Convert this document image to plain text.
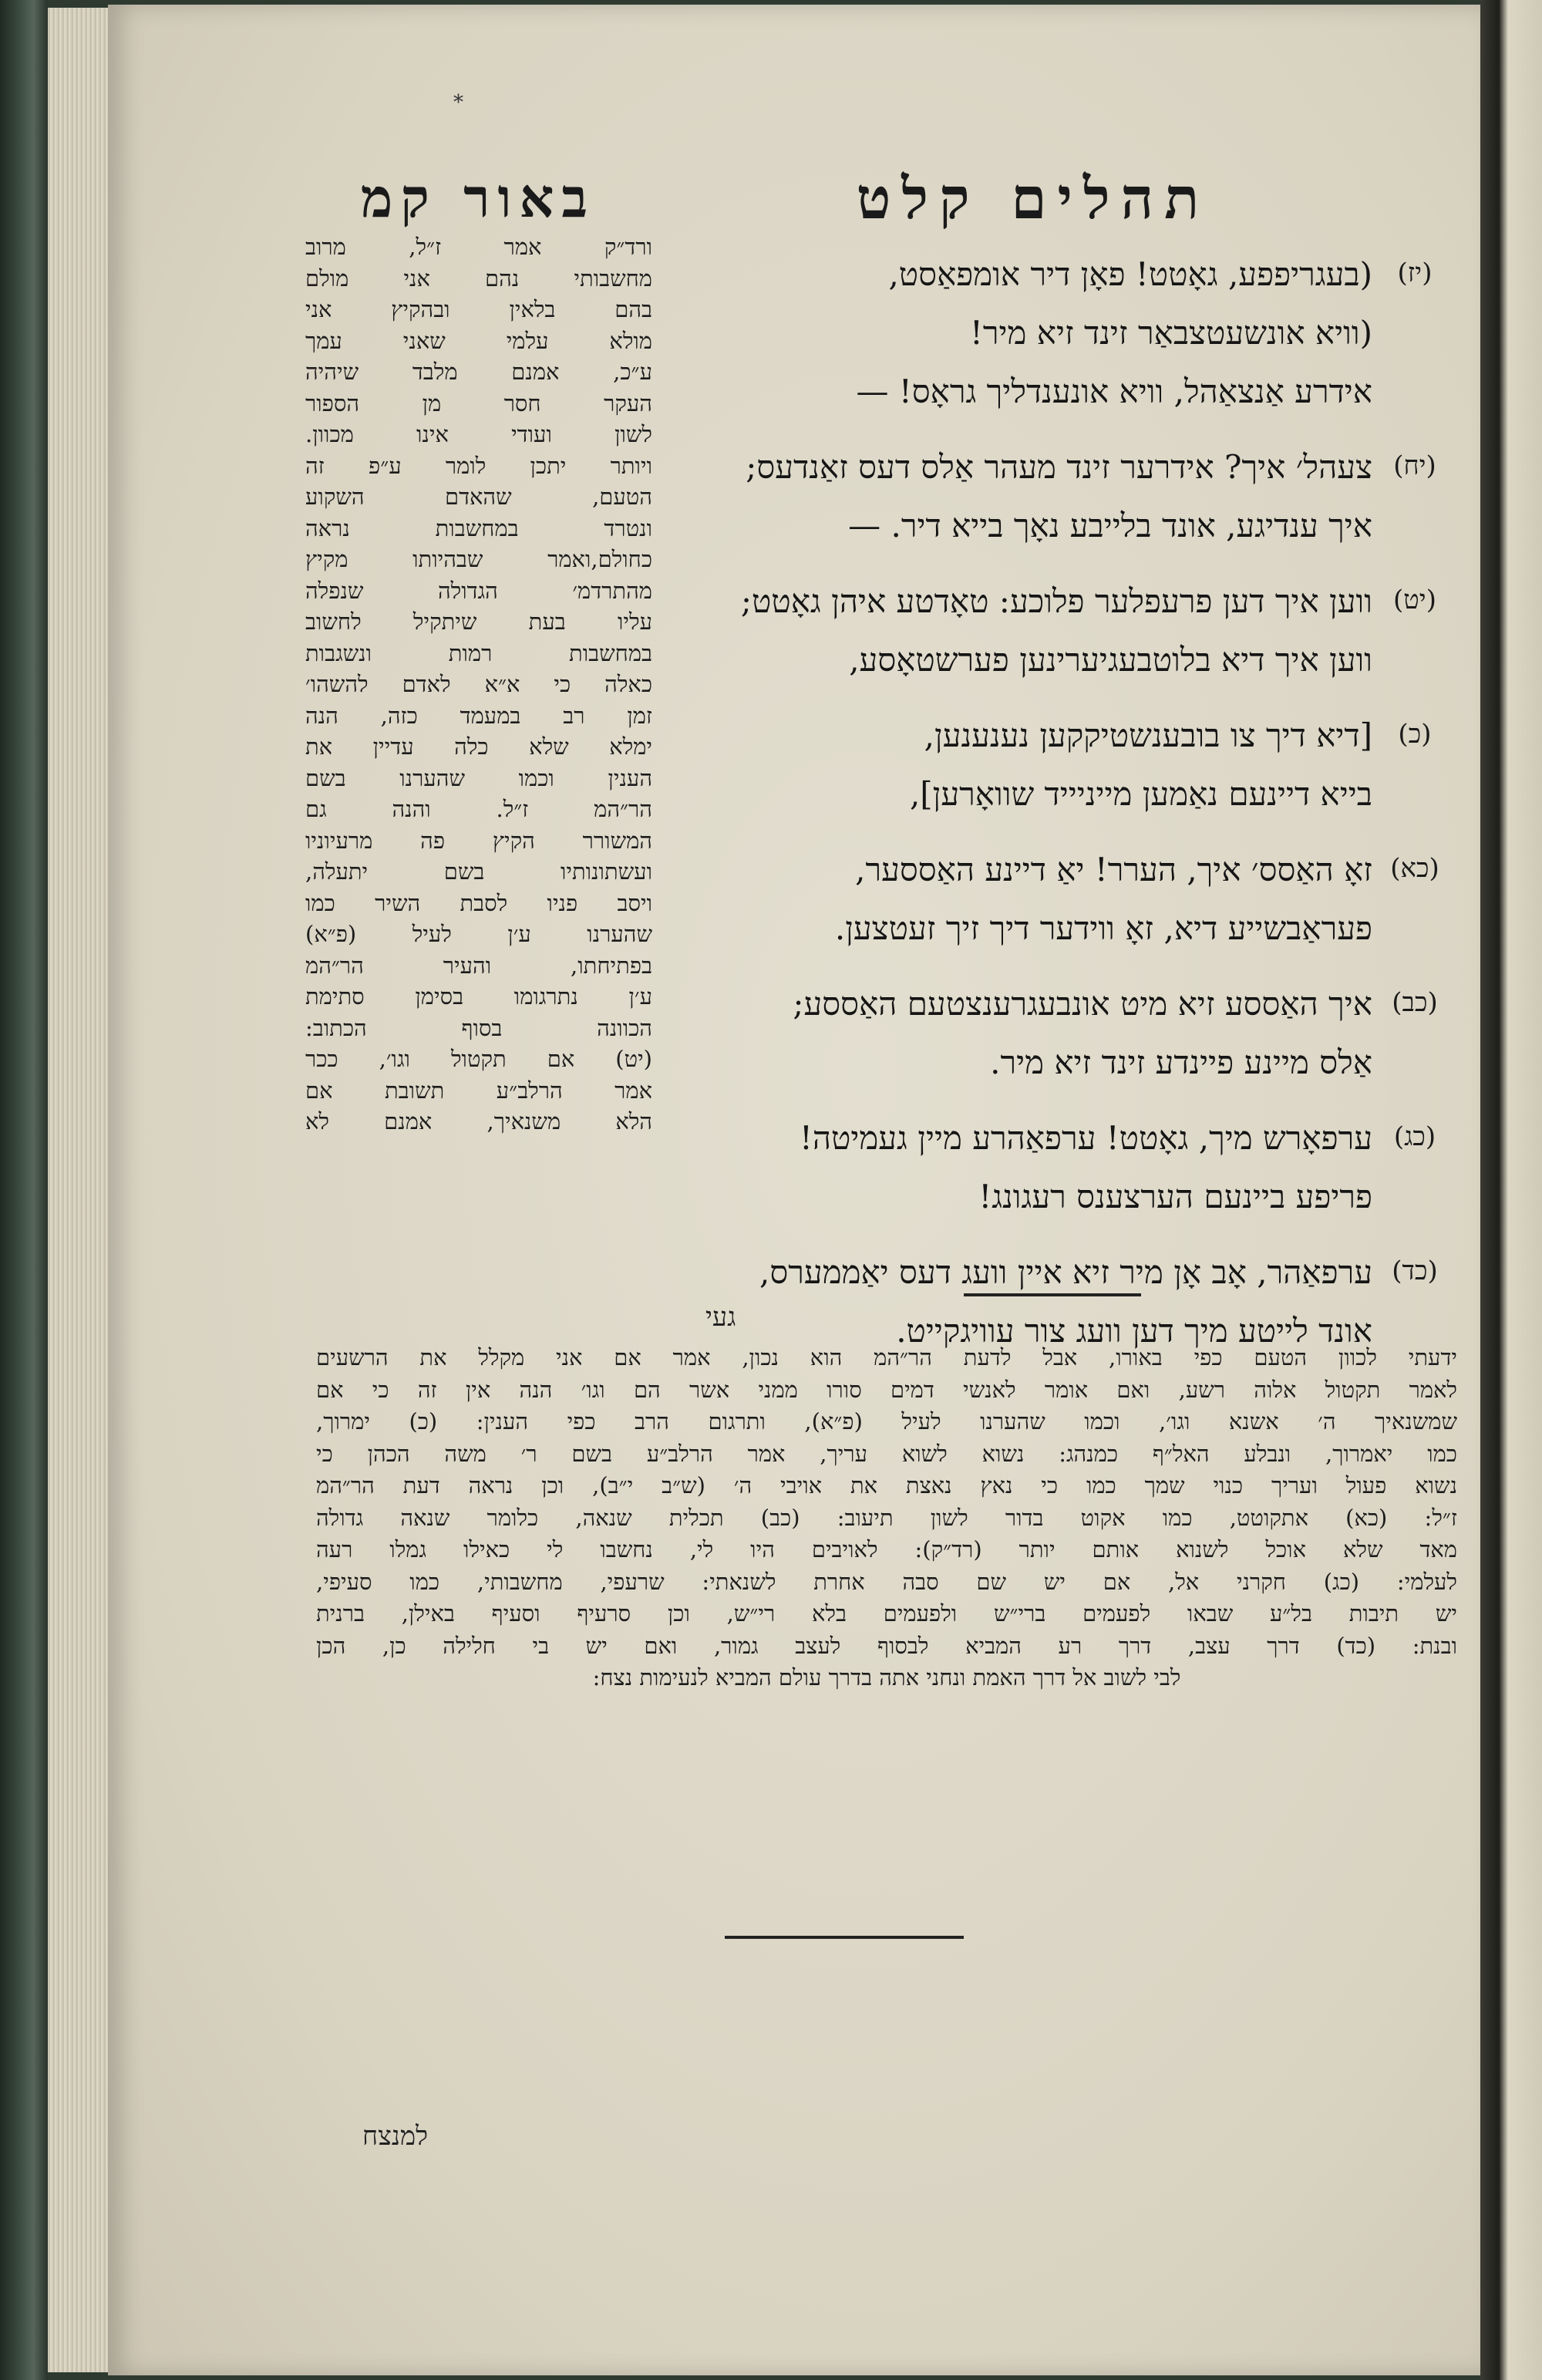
*
תהלים קלט
באור קמ
(יז)
(בעגריפפע, גאָטט! פאָן דיר אומפאַסט,
(וויא אונשעטצבאַר זינד זיא מיר!
אידרע אַנצאַהל, וויא אונענדליך גראָס! —
(יח)
צעהל׳ איך? אידרער זינד מעהר אַלס דעס זאַנדעס;
איך ענדיגע, אונד בלייבע נאָך בייא דיר. —
(יט)
ווען איך דען פרעפלער פלוכע: טאָדטע איהן גאָטט;
ווען איך דיא בלוטבעגיערינען פערשטאָסע,
(כ)
[דיא דיך צו בובענשטיקקען נענענען,
בייא דיינעם נאַמען מייניייד שוואָרען],
(כא)
זאָ האַסס׳ איך, הערר! יאַ דיינע האַססער,
פעראַבשייע דיא, זאָ ווידער דיך זיך זעטצען.
(כב)
איך האַססע זיא מיט אונבעגרענצטעם האַססע;
אַלס מיינע פיינדע זינד זיא מיר.
(כג)
ערפאָרש מיך, גאָטט! ערפאַהרע מיין געמיטה!
פריפע ביינעם הערצענס רעגונג!
(כד)
ערפאַהר, אָב אָן מיר זיא איין וועג דעס יאַממערס,
אונד לייטע מיך דען וועג צור עוויגקייט.
געי
ורד״ק אמר ז״ל, מרוב
מחשבותי נהם אני מולם
בהם בלאין ובהקיץ אני
מולא עלמי שאני עמך
ע״כ, אמנם מלבד שיהיה
העקר חסר מן הספור
לשון ועודי אינו מכוון.
ויותר יתכן לומר ע״פ זה
הטעם, שהאדם השקוע
ונטרד במחשבות נראה
כחולם,ואמר שבהיותו מקיץ
מהתרדמ׳ הגדולה שנפלה
עליו בעת שיתקיל לחשוב
במחשבות רמות ונשגבות
כאלה כי א״א לאדם להשהו׳
זמן רב במעמד כזה, הנה
ימלא שלא כלה עדיין את
הענין וכמו שהערנו בשם
הר״המ ז״ל. והנה גם
המשורר הקיץ פה מרעיוניו
ועשתונותיו בשם יתעלה,
ויסב פניו לסבת השיר כמו
שהערנו ע׳ן לעיל (פ״א)
בפתיחתו, והעיר הר״המ
ע׳ן נתרגומו בסימן סתימת
הכוונה בסוף הכתוב:
(יט) אם תקטול וגו׳, ככר
אמר הרלב״ע תשובת אם
הלא משנאיך, אמנם לא
ידעתי לכוון הטעם כפי באורו, אבל לדעת הר״המ הוא נכון, אמר אם אני מקלל את הרשעים
לאמר תקטול אלוה רשע, ואם אומר לאנשי דמים סורו ממני אשר הם וגו׳ הנה אין זה כי אם
שמשנאיך ה׳ אשנא וגו׳, וכמו שהערנו לעיל (פ״א), ותרגום הרב כפי הענין: (כ) ימרוך,
כמו יאמרוך, ונבלע האל״ף כמנהג: נשוא לשוא עריך, אמר הרלב״ע בשם ר׳ משה הכהן כי
נשוא פעול ועריך כנוי שמך כמו כי נאץ נאצת את אויבי ה׳ (ש״ב י״ב), וכן נראה דעת הר״המ
ז״ל: (כא) אתקוטט, כמו אקוט בדור לשון תיעוב: (כב) תכלית שנאה, כלומר שנאה גדולה
מאד שלא אוכל לשנוא אותם יותר (רד״ק): לאויבים היו לי, נחשבו לי כאילו גמלו רעה
לעלמי: (כג) חקרני אל, אם יש שם סבה אחרת לשנאתי: שרעפי, מחשבותי, כמו סעיפי,
יש תיבות בל״ע שבאו לפעמים ברי״ש ולפעמים בלא רי״ש, וכן סרעיף וסעיף באילן, ברנית
ובנת: (כד) דרך עצב, דרך רע המביא לבסוף לעצב גמור, ואם יש בי חלילה כן, הכן
לבי לשוב אל דרך האמת ונחני אתה בדרך עולם המביא לנעימות נצח:
למנצח
